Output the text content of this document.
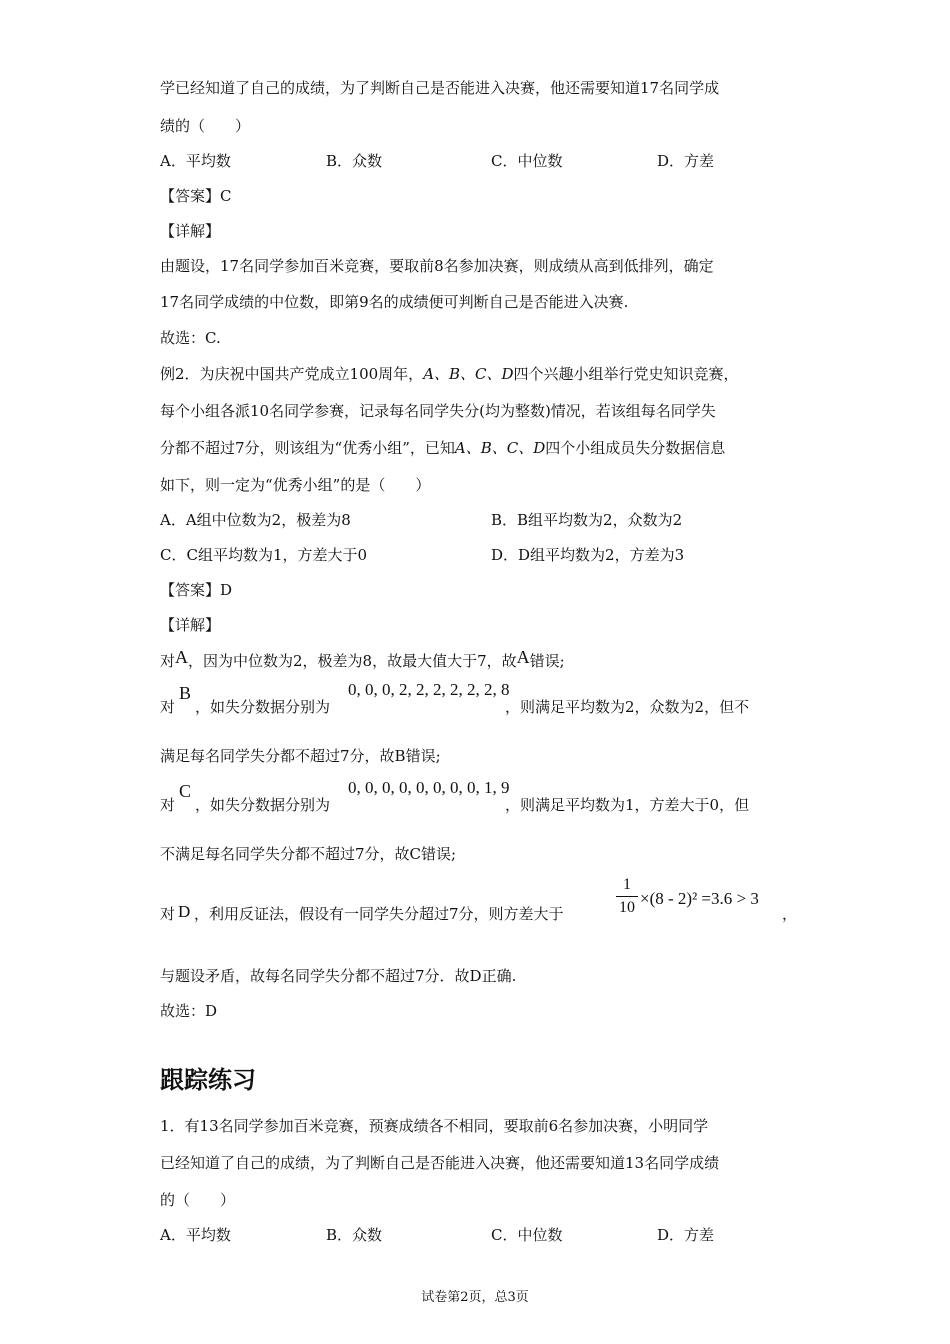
学已经知道了自己的成绩，为了判断自己是否能进入决赛，他还需要知道17名同学成
绩的（　　）
A．平均数	B．众数	C．中位数	D．方差
【答案】C
【详解】
由题设，17名同学参加百米竞赛，要取前8名参加决赛，则成绩从高到低排列，确定
17名同学成绩的中位数，即第9名的成绩便可判断自己是否能进入决赛.
故选：C.
例2．为庆祝中国共产党成立100周年，A、B、C、D四个兴趣小组举行党史知识竞赛，
每个小组各派10名同学参赛，记录每名同学失分(均为整数)情况，若该组每名同学失
分都不超过7分，则该组为“优秀小组”，已知A、B、C、D四个小组成员失分数据信息
如下，则一定为“优秀小组”的是（　　）
A．A组中位数为2，极差为8	B．B组平均数为2，众数为2
C．C组平均数为1，方差大于0	D．D组平均数为2，方差为3
【答案】D
【详解】
对A，因为中位数为2，极差为8，故最大值大于7，故A错误;
对
B
，如失分数据分别为
0, 0, 0, 2, 2, 2, 2, 2, 2, 8
，则满足平均数为2，众数为2，但不
满足每名同学失分都不超过7分，故B错误;
对
C
，如失分数据分别为
0, 0, 0, 0, 0, 0, 0, 0, 1, 9
，则满足平均数为1，方差大于0，但
不满足每名同学失分都不超过7分，故C错误;
对 D ，利用反证法，假设有一同学失分超过7分，则方差大于
1
10 ×(8 - 2)² =3.6 > 3
，
与题设矛盾，故每名同学失分都不超过7分．故D正确.
故选：D
跟踪练习
1．有13名同学参加百米竞赛，预赛成绩各不相同，要取前6名参加决赛，小明同学
已经知道了自己的成绩，为了判断自己是否能进入决赛，他还需要知道13名同学成绩
的（　　）
A．平均数	B．众数	C．中位数	D．方差
试卷第2页，总3页
